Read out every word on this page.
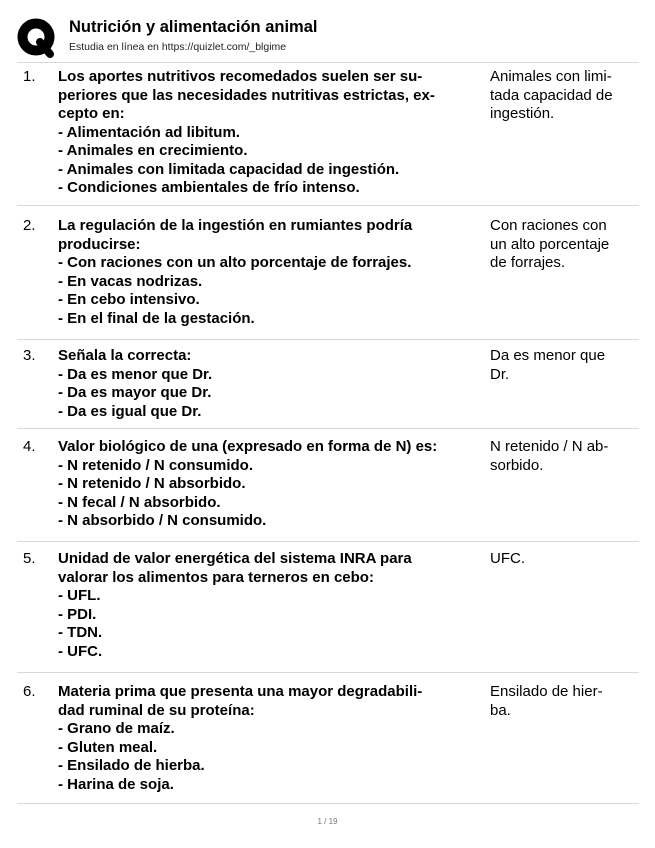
Nutrición y alimentación animal
Estudia en línea en https://quizlet.com/_blgime
1. Los aportes nutritivos recomedados suelen ser su-
periores que las necesidades nutritivas estrictas, ex-
cepto en:
- Alimentación ad libitum.
- Animales en crecimiento.
- Animales con limitada capacidad de ingestión.
- Condiciones ambientales de frío intenso.
Animales con limi-
tada capacidad de
ingestión.
2. La regulación de la ingestión en rumiantes podría
producirse:
- Con raciones con un alto porcentaje de forrajes.
- En vacas nodrizas.
- En cebo intensivo.
- En el final de la gestación.
Con raciones con
un alto porcentaje
de forrajes.
3. Señala la correcta:
- Da es menor que Dr.
- Da es mayor que Dr.
- Da es igual que Dr.
Da es menor que
Dr.
4. Valor biológico de una (expresado en forma de N) es:
- N retenido / N consumido.
- N retenido / N absorbido.
- N fecal / N absorbido.
- N absorbido / N consumido.
N retenido / N ab-
sorbido.
5. Unidad de valor energética del sistema INRA para
valorar los alimentos para terneros en cebo:
- UFL.
- PDI.
- TDN.
- UFC.
UFC.
6. Materia prima que presenta una mayor degradabili-
dad ruminal de su proteína:
- Grano de maíz.
- Gluten meal.
- Ensilado de hierba.
- Harina de soja.
Ensilado de hier-
ba.
1 / 19
